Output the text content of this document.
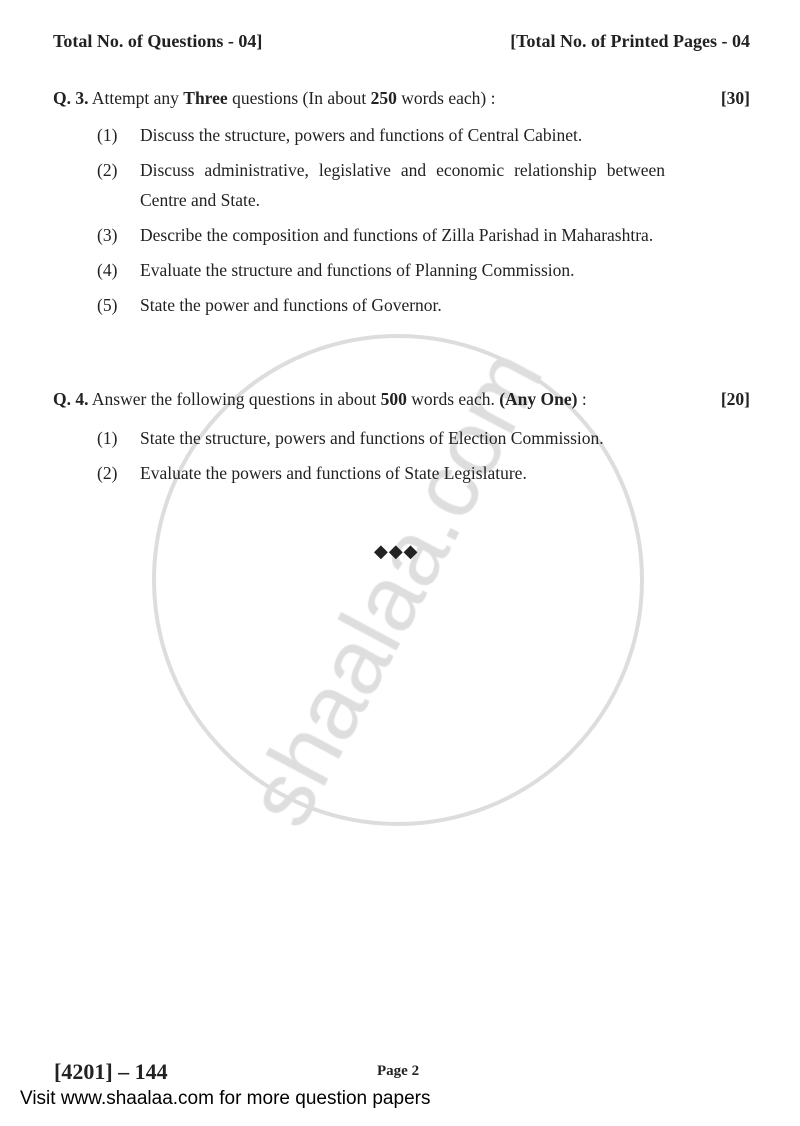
Total No. of Questions - 04]	[Total No. of Printed Pages - 04
Q. 3. Attempt any Three questions (In about 250 words each) :	[30]
(1)	Discuss the structure, powers and functions of Central Cabinet.
(2)	Discuss administrative, legislative and economic relationship between Centre and State.
(3)	Describe the composition and functions of Zilla Parishad in Maharashtra.
(4)	Evaluate the structure and functions of Planning Commission.
(5)	State the power and functions of Governor.
Q. 4. Answer the following questions in about 500 words each. (Any One) :	[20]
(1)	State the structure, powers and functions of Election Commission.
(2)	Evaluate the powers and functions of State Legislature.
◆◆◆
[4201] – 144	Page 2
Visit www.shaalaa.com for more question papers
